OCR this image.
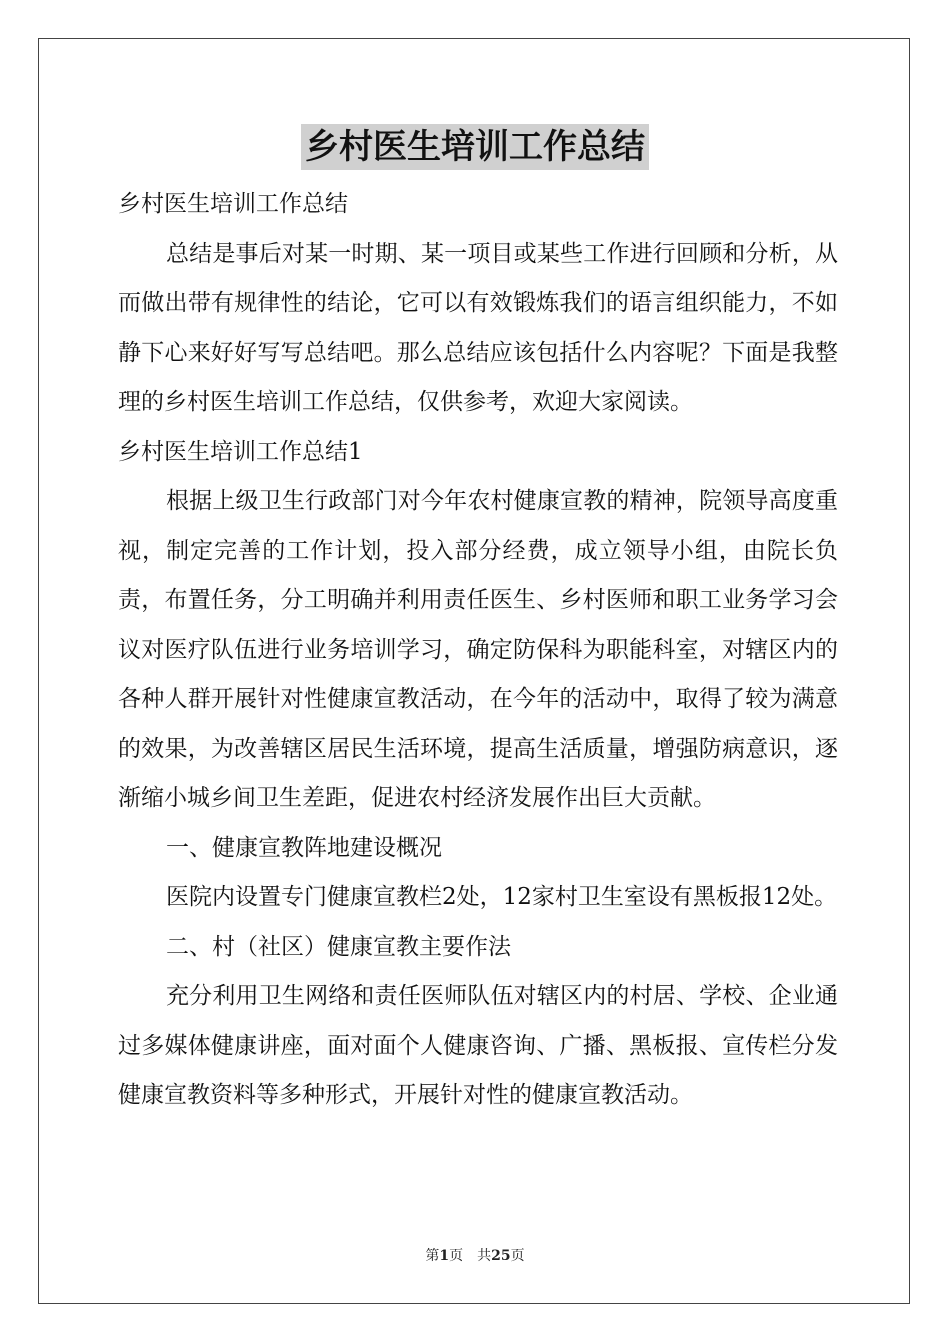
乡村医生培训工作总结

乡村医生培训工作总结

总结是事后对某一时期、某一项目或某些工作进行回顾和分析，从而做出带有规律性的结论，它可以有效锻炼我们的语言组织能力，不如静下心来好好写写总结吧。那么总结应该包括什么内容呢？下面是我整理的乡村医生培训工作总结，仅供参考，欢迎大家阅读。

乡村医生培训工作总结1

根据上级卫生行政部门对今年农村健康宣教的精神，院领导高度重视，制定完善的工作计划，投入部分经费，成立领导小组，由院长负责，布置任务，分工明确并利用责任医生、乡村医师和职工业务学习会议对医疗队伍进行业务培训学习，确定防保科为职能科室，对辖区内的各种人群开展针对性健康宣教活动，在今年的活动中，取得了较为满意的效果，为改善辖区居民生活环境，提高生活质量，增强防病意识，逐渐缩小城乡间卫生差距，促进农村经济发展作出巨大贡献。

一、健康宣教阵地建设概况

医院内设置专门健康宣教栏2处，12家村卫生室设有黑板报12处。

二、村（社区）健康宣教主要作法

充分利用卫生网络和责任医师队伍对辖区内的村居、学校、企业通过多媒体健康讲座，面对面个人健康咨询、广播、黑板报、宣传栏分发健康宣教资料等多种形式，开展针对性的健康宣教活动。

第1页　共25页
